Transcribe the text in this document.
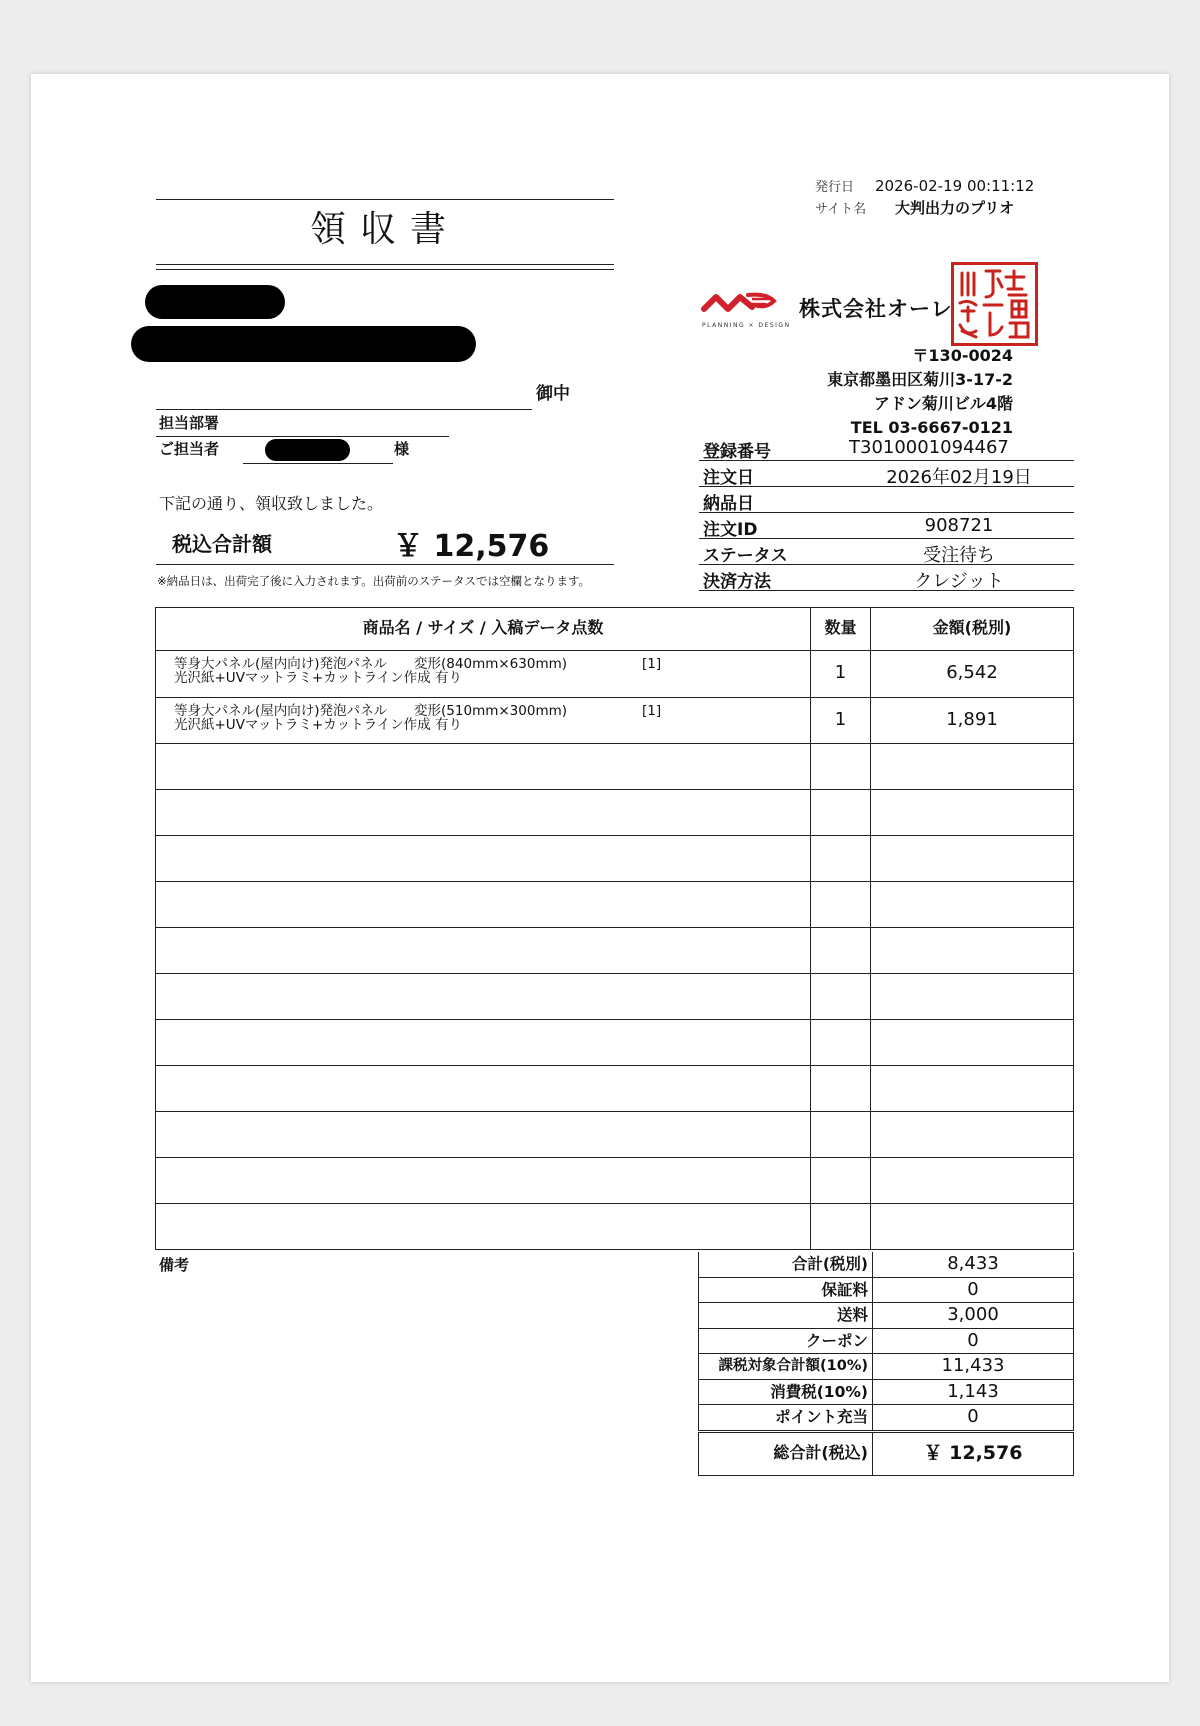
発行日 2026-02-19 00:11:12
サイト名 大判出力のプリオ
領収書
御中
担当部署
ご担当者	様
下記の通り、領収致しました。
税込合計額	￥ 12,576
※納品日は、出荷完了後に入力されます。出荷前のステータスでは空欄となります。
PLANNING × DESIGN
株式会社オーレ
〒130-0024
東京都墨田区菊川3-17-2
アドン菊川ビル4階
TEL 03-6667-0121
登録番号	T3010001094467
注文日	2026年02月19日
納品日
注文ID	908721
ステータス	受注待ち
決済方法	クレジット
商品名 / サイズ / 入稿データ点数	数量	金額(税別)
等身大パネル(屋内向け)発泡パネル　　変形(840mm×630mm)	[1]
光沢紙+UVマットラミ+カットライン作成 有り	1	6,542
等身大パネル(屋内向け)発泡パネル　　変形(510mm×300mm)	[1]
光沢紙+UVマットラミ+カットライン作成 有り	1	1,891
備考	合計(税別)	8,433
保証料	0
送料	3,000
クーポン	0
課税対象合計額(10%)	11,433
消費税(10%)	1,143
ポイント充当	0
総合計(税込)	￥ 12,576
